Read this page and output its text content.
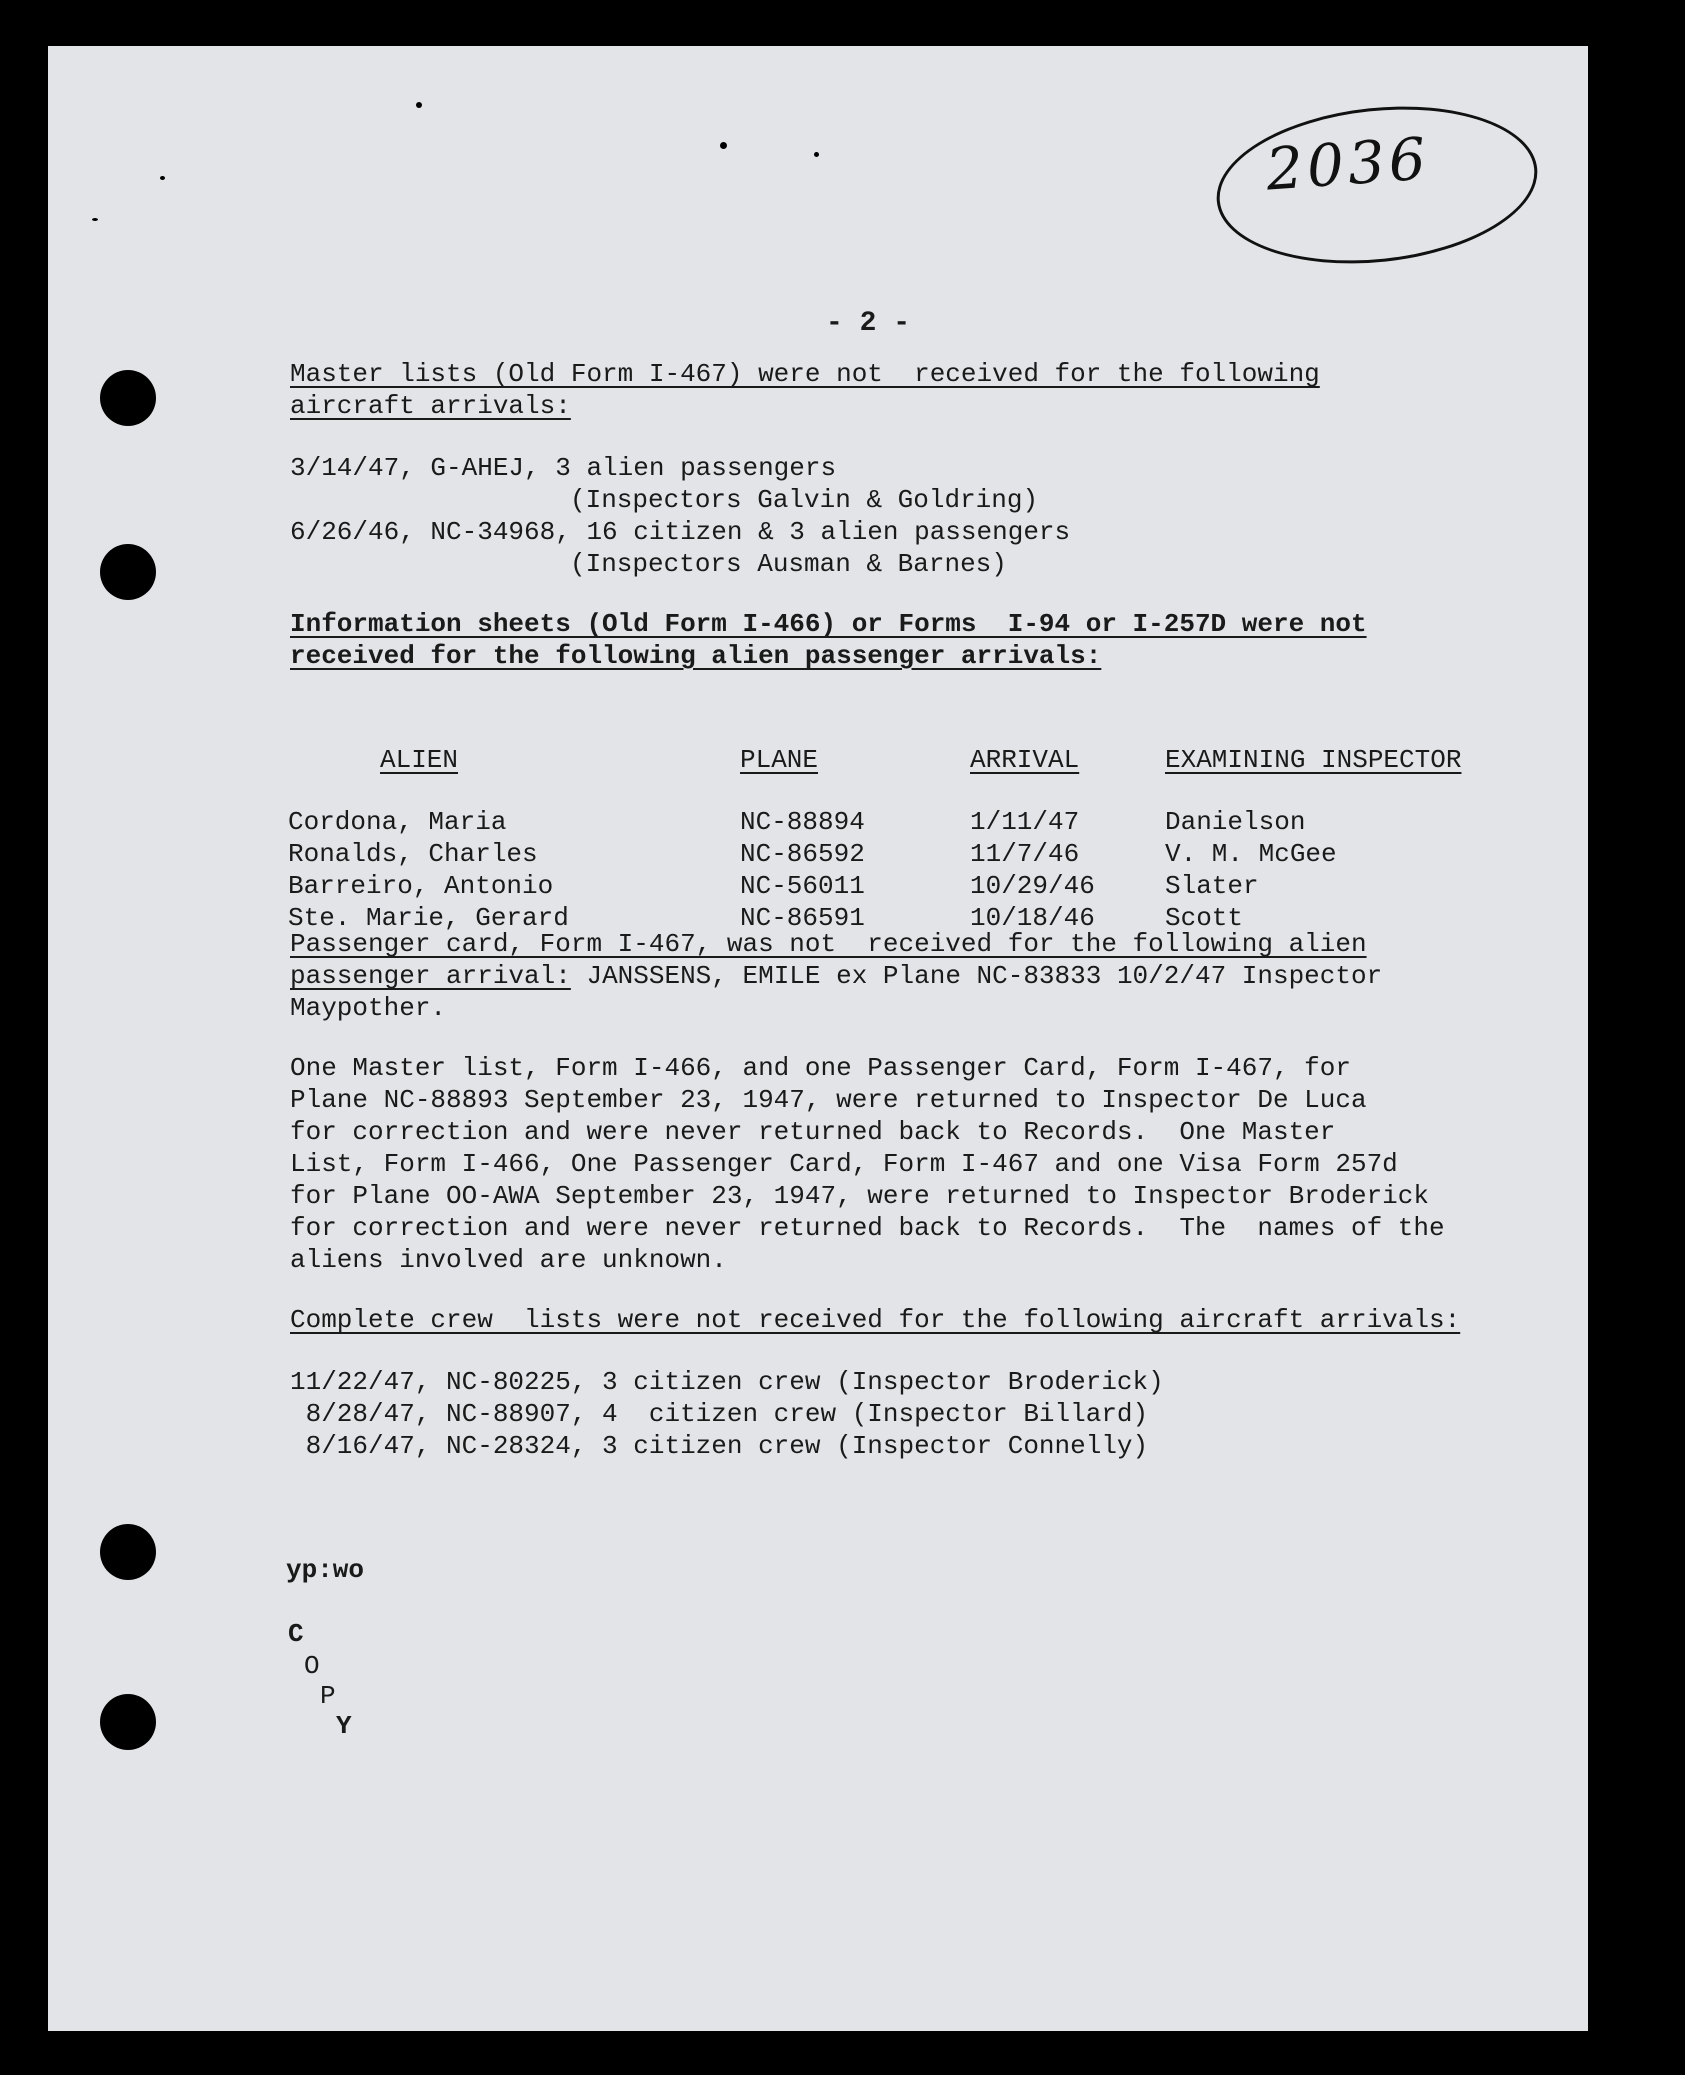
2036
- 2 -
Master lists (Old Form I-467) were not  received for the following
aircraft arrivals:
3/14/47, G-AHEJ, 3 alien passengers
(Inspectors Galvin & Goldring)
6/26/46, NC-34968, 16 citizen & 3 alien passengers
(Inspectors Ausman & Barnes)
Information sheets (Old Form I-466) or Forms  I-94 or I-257D were not
received for the following alien passenger arrivals:
ALIEN	PLANE	ARRIVAL	EXAMINING INSPECTOR
Cordona, Maria	NC-88894	1/11/47	Danielson
Ronalds, Charles	NC-86592	11/7/46	V. M. McGee
Barreiro, Antonio	NC-56011	10/29/46	Slater
Ste. Marie, Gerard	NC-86591	10/18/46	Scott
Passenger card, Form I-467, was not  received for the following alien
passenger arrival: JANSSENS, EMILE ex Plane NC-83833 10/2/47 Inspector
Maypother.
One Master list, Form I-466, and one Passenger Card, Form I-467, for
Plane NC-88893 September 23, 1947, were returned to Inspector De Luca
for correction and were never returned back to Records.  One Master
List, Form I-466, One Passenger Card, Form I-467 and one Visa Form 257d
for Plane OO-AWA September 23, 1947, were returned to Inspector Broderick
for correction and were never returned back to Records.  The  names of the
aliens involved are unknown.
Complete crew  lists were not received for the following aircraft arrivals:
11/22/47, NC-80225, 3 citizen crew (Inspector Broderick)
8/28/47, NC-88907, 4  citizen crew (Inspector Billard)
8/16/47, NC-28324, 3 citizen crew (Inspector Connelly)
yp:wo
C
O
P
Y
